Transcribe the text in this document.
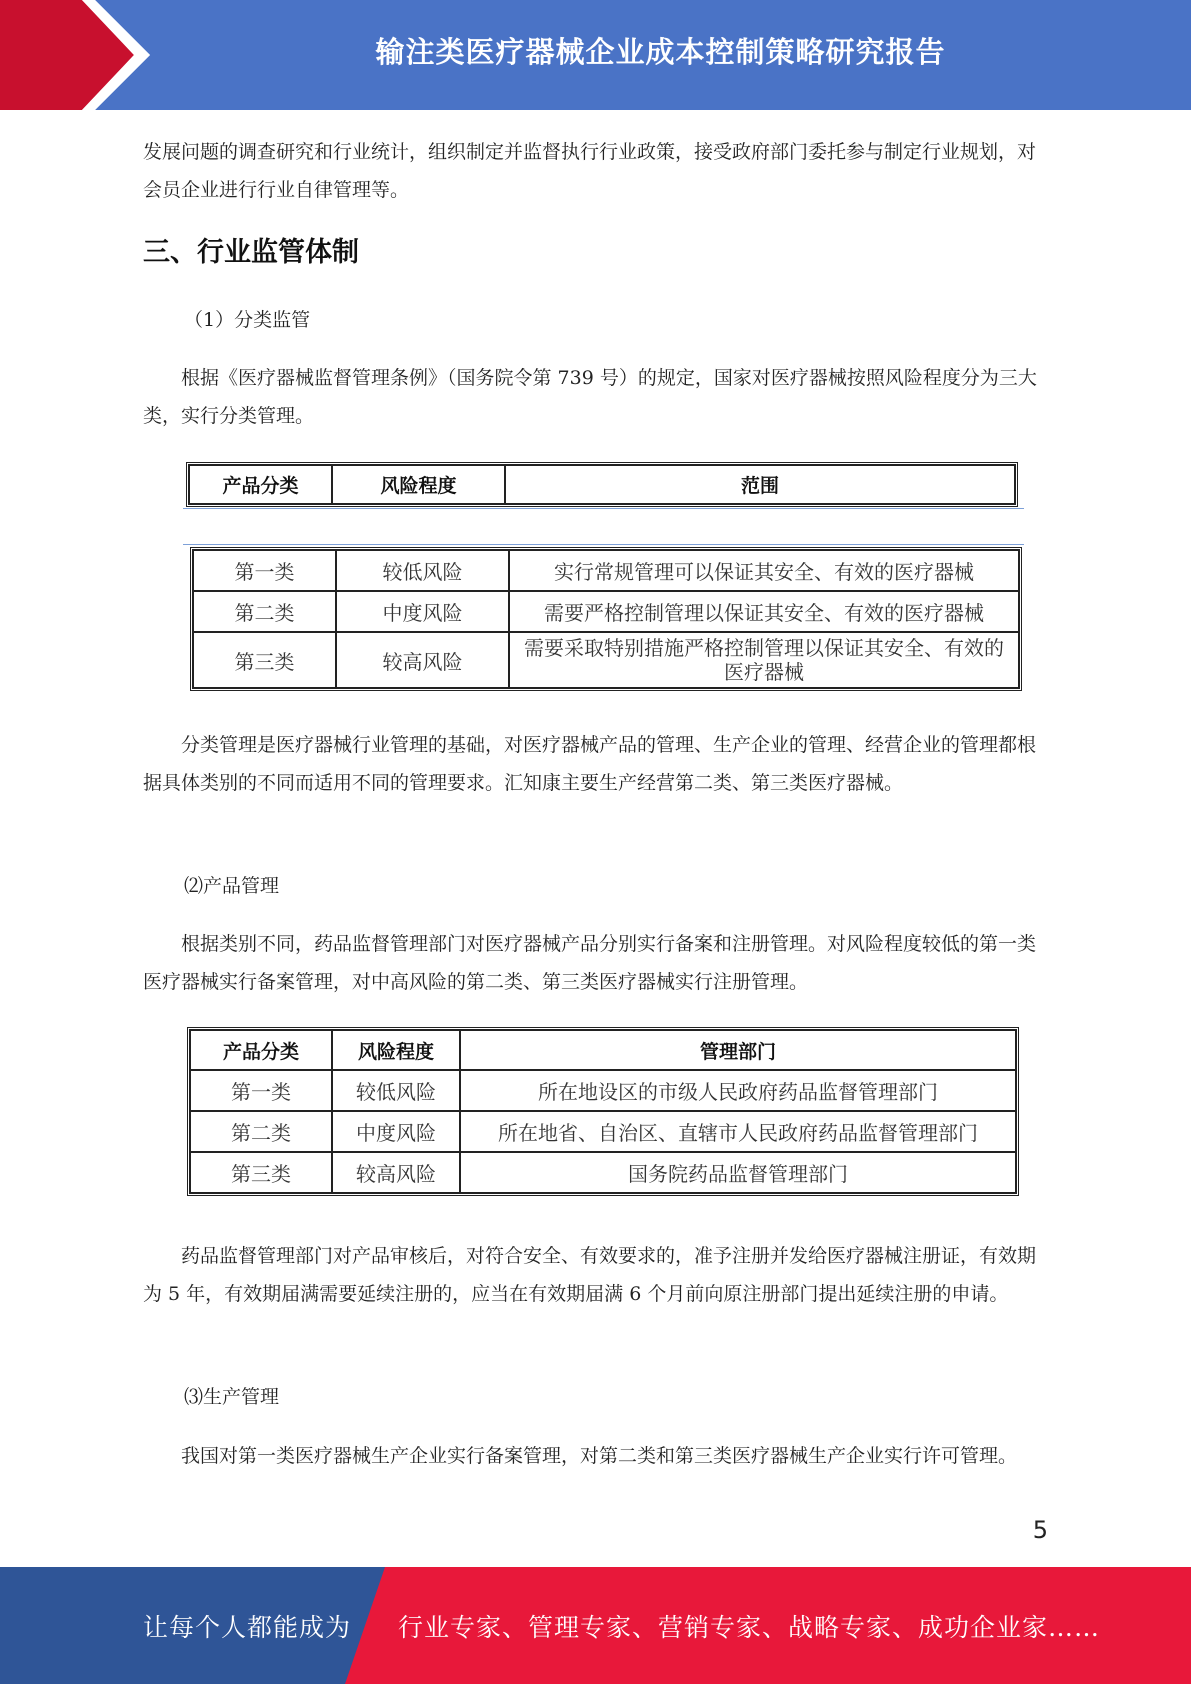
输注类医疗器械企业成本控制策略研究报告

发展问题的调查研究和行业统计，组织制定并监督执行行业政策，接受政府部门委托参与制定行业规划，对会员企业进行行业自律管理等。

三、行业监管体制

（1）分类监管

根据《医疗器械监督管理条例》（国务院令第 739 号）的规定，国家对医疗器械按照风险程度分为三大类，实行分类管理。

产品分类	风险程度	范围
第一类	较低风险	实行常规管理可以保证其安全、有效的医疗器械
第二类	中度风险	需要严格控制管理以保证其安全、有效的医疗器械
第三类	较高风险	需要采取特别措施严格控制管理以保证其安全、有效的
医疗器械

分类管理是医疗器械行业管理的基础，对医疗器械产品的管理、生产企业的管理、经营企业的管理都根据具体类别的不同而适用不同的管理要求。汇知康主要生产经营第二类、第三类医疗器械。

⑵产品管理

根据类别不同，药品监督管理部门对医疗器械产品分别实行备案和注册管理。对风险程度较低的第一类医疗器械实行备案管理，对中高风险的第二类、第三类医疗器械实行注册管理。

产品分类	风险程度	管理部门
第一类	较低风险	所在地设区的市级人民政府药品监督管理部门
第二类	中度风险	所在地省、自治区、直辖市人民政府药品监督管理部门
第三类	较高风险	国务院药品监督管理部门

药品监督管理部门对产品审核后，对符合安全、有效要求的，准予注册并发给医疗器械注册证，有效期为 5 年，有效期届满需要延续注册的，应当在有效期届满 6 个月前向原注册部门提出延续注册的申请。

⑶生产管理

我国对第一类医疗器械生产企业实行备案管理，对第二类和第三类医疗器械生产企业实行许可管理。

5
让每个人都能成为 行业专家、管理专家、营销专家、战略专家、成功企业家……
